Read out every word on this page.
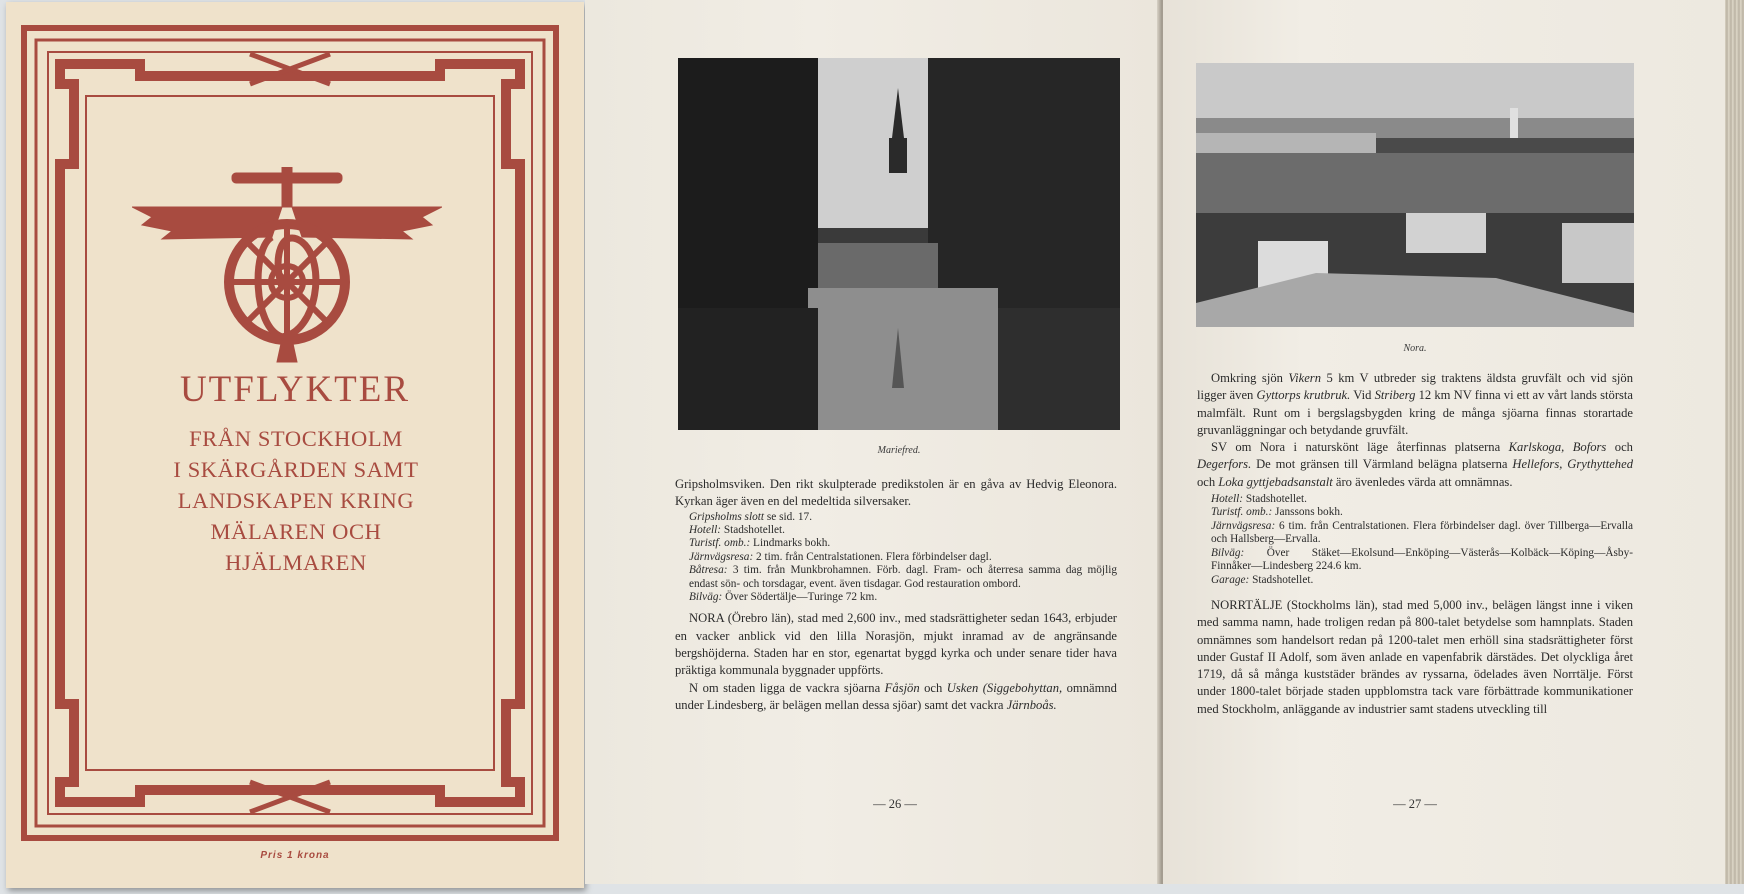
UTFLYKTER
FRÅN STOCKHOLM
I SKÄRGÅRDEN SAMT
LANDSKAPEN KRING
MÄLAREN OCH
HJÄLMAREN
Pris 1 krona
Mariefred.

Gripsholmsviken. Den rikt skulpterade predikstolen är en gåva av Hedvig Eleonora. Kyrkan äger även en del medeltida silversaker.

Gripsholms slott se sid. 17.

Hotell: Stadshotellet.

Turistf. omb.: Lindmarks bokh.

Järnvägsresa: 2 tim. från Centralstationen. Flera förbindelser dagl.

Båtresa: 3 tim. från Munkbrohamnen. Förb. dagl. Fram- och återresa samma dag möjlig endast sön- och torsdagar, event. även tisdagar. God restauration ombord.

Bilväg: Över Södertälje—Turinge 72 km.

NORA (Örebro län), stad med 2,600 inv., med stadsrättigheter sedan 1643, erbjuder en vacker anblick vid den lilla Norasjön, mjukt inramad av de angränsande bergshöjderna. Staden har en stor, egenartat byggd kyrka och under senare tider hava präktiga kommunala byggnader uppförts.

N om staden ligga de vackra sjöarna Fåsjön och Usken (Siggebohyttan, omnämnd under Lindesberg, är belägen mellan dessa sjöar) samt det vackra Järnboås.

— 26 —
Nora.

Omkring sjön Vikern 5 km V utbreder sig traktens äldsta gruvfält och vid sjön ligger även Gyttorps krutbruk. Vid Striberg 12 km NV finna vi ett av vårt lands största malmfält. Runt om i bergslagsbygden kring de många sjöarna finnas storartade gruvanläggningar och betydande gruvfält.

SV om Nora i naturskönt läge återfinnas platserna Karlskoga, Bofors och Degerfors. De mot gränsen till Värmland belägna platserna Hellefors, Grythyttehed och Loka gyttjebadsanstalt äro ävenledes värda att omnämnas.

Hotell: Stadshotellet.

Turistf. omb.: Janssons bokh.

Järnvägsresa: 6 tim. från Centralstationen. Flera förbindelser dagl. över Tillberga—Ervalla och Hallsberg—Ervalla.

Bilväg: Över Stäket—Ekolsund—Enköping—Västerås—Kolbäck—Köping—Åsby-Finnåker—Lindesberg 224.6 km.

Garage: Stadshotellet.

NORRTÄLJE (Stockholms län), stad med 5,000 inv., belägen längst inne i viken med samma namn, hade troligen redan på 800-talet betydelse som hamnplats. Staden omnämnes som handelsort redan på 1200-talet men erhöll sina stadsrättigheter först under Gustaf II Adolf, som även anlade en vapenfabrik därstädes. Det olyckliga året 1719, då så många kuststäder brändes av ryssarna, ödelades även Norrtälje. Först under 1800-talet började staden uppblomstra tack vare förbättrade kommunikationer med Stockholm, anläggande av industrier samt stadens utveckling till

— 27 —
